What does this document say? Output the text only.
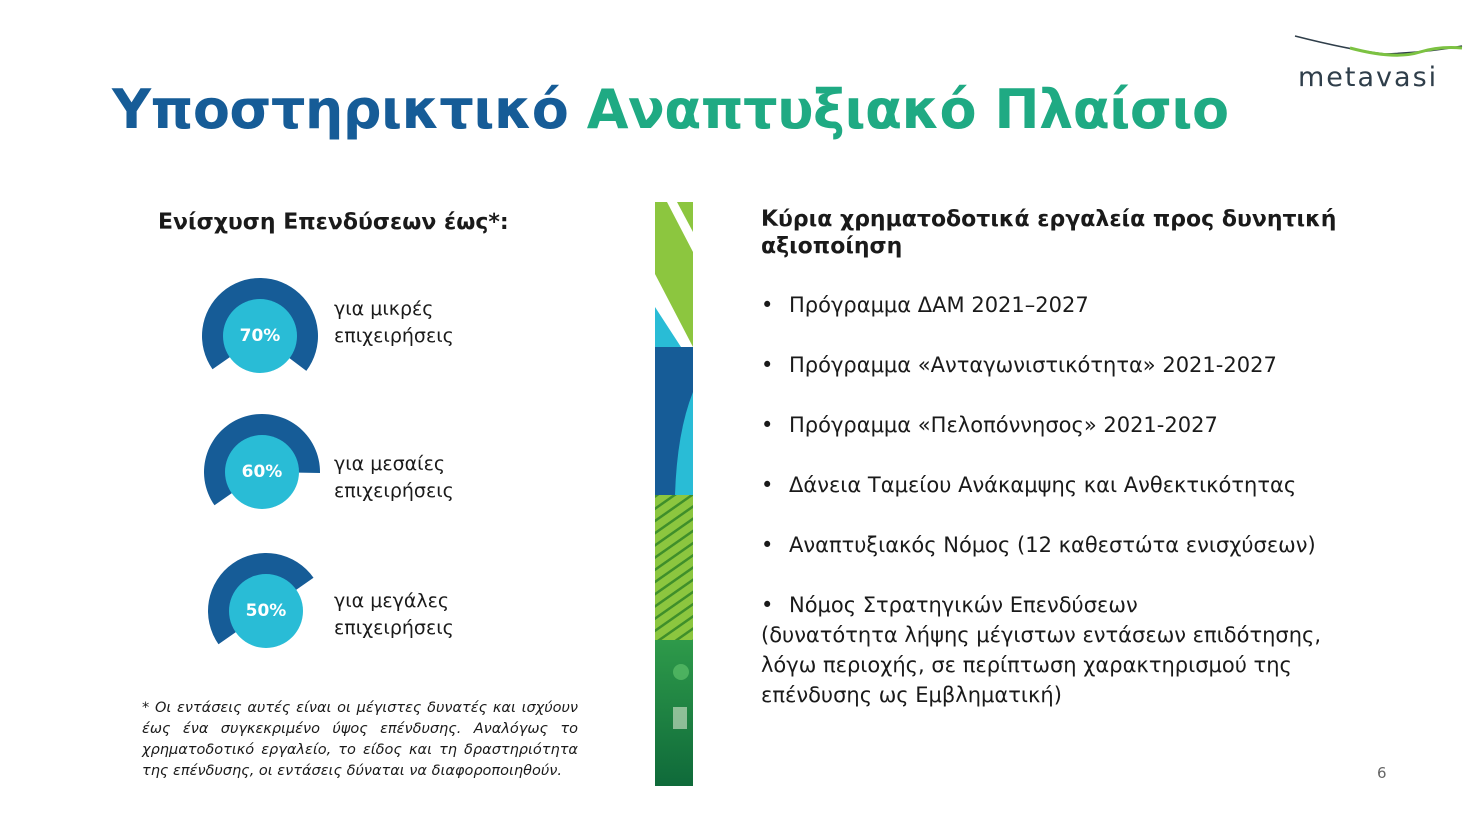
Υποστηρικτικό Αναπτυξιακό Πλαίσιο
metavasi
Ενίσχυση Επενδύσεων έως*:
70%
για μικρές
επιχειρήσεις
60%	για μεσαίες
επιχειρήσεις
50%	για μεγάλες
επιχειρήσεις
* Οι εντάσεις αυτές είναι οι μέγιστες δυνατές και ισχύουν έως ένα συγκεκριμένο ύψος επένδυσης. Αναλόγως το χρηματοδοτικό εργαλείο, το είδος και τη δραστηριότητα της επένδυσης, οι εντάσεις δύναται να διαφοροποιηθούν.
Κύρια χρηματοδοτικά εργαλεία προς δυνητική αξιοποίηση
• Πρόγραμμα ΔΑΜ 2021–2027
• Πρόγραμμα «Ανταγωνιστικότητα» 2021-2027
• Πρόγραμμα «Πελοπόννησος» 2021-2027
• Δάνεια Ταμείου Ανάκαμψης και Ανθεκτικότητας
• Αναπτυξιακός Νόμος (12 καθεστώτα ενισχύσεων)
• Νόμος Στρατηγικών Επενδύσεων
(δυνατότητα λήψης μέγιστων εντάσεων επιδότησης, λόγω περιοχής, σε περίπτωση χαρακτηρισμού της επένδυσης ως Εμβληματική)
6
